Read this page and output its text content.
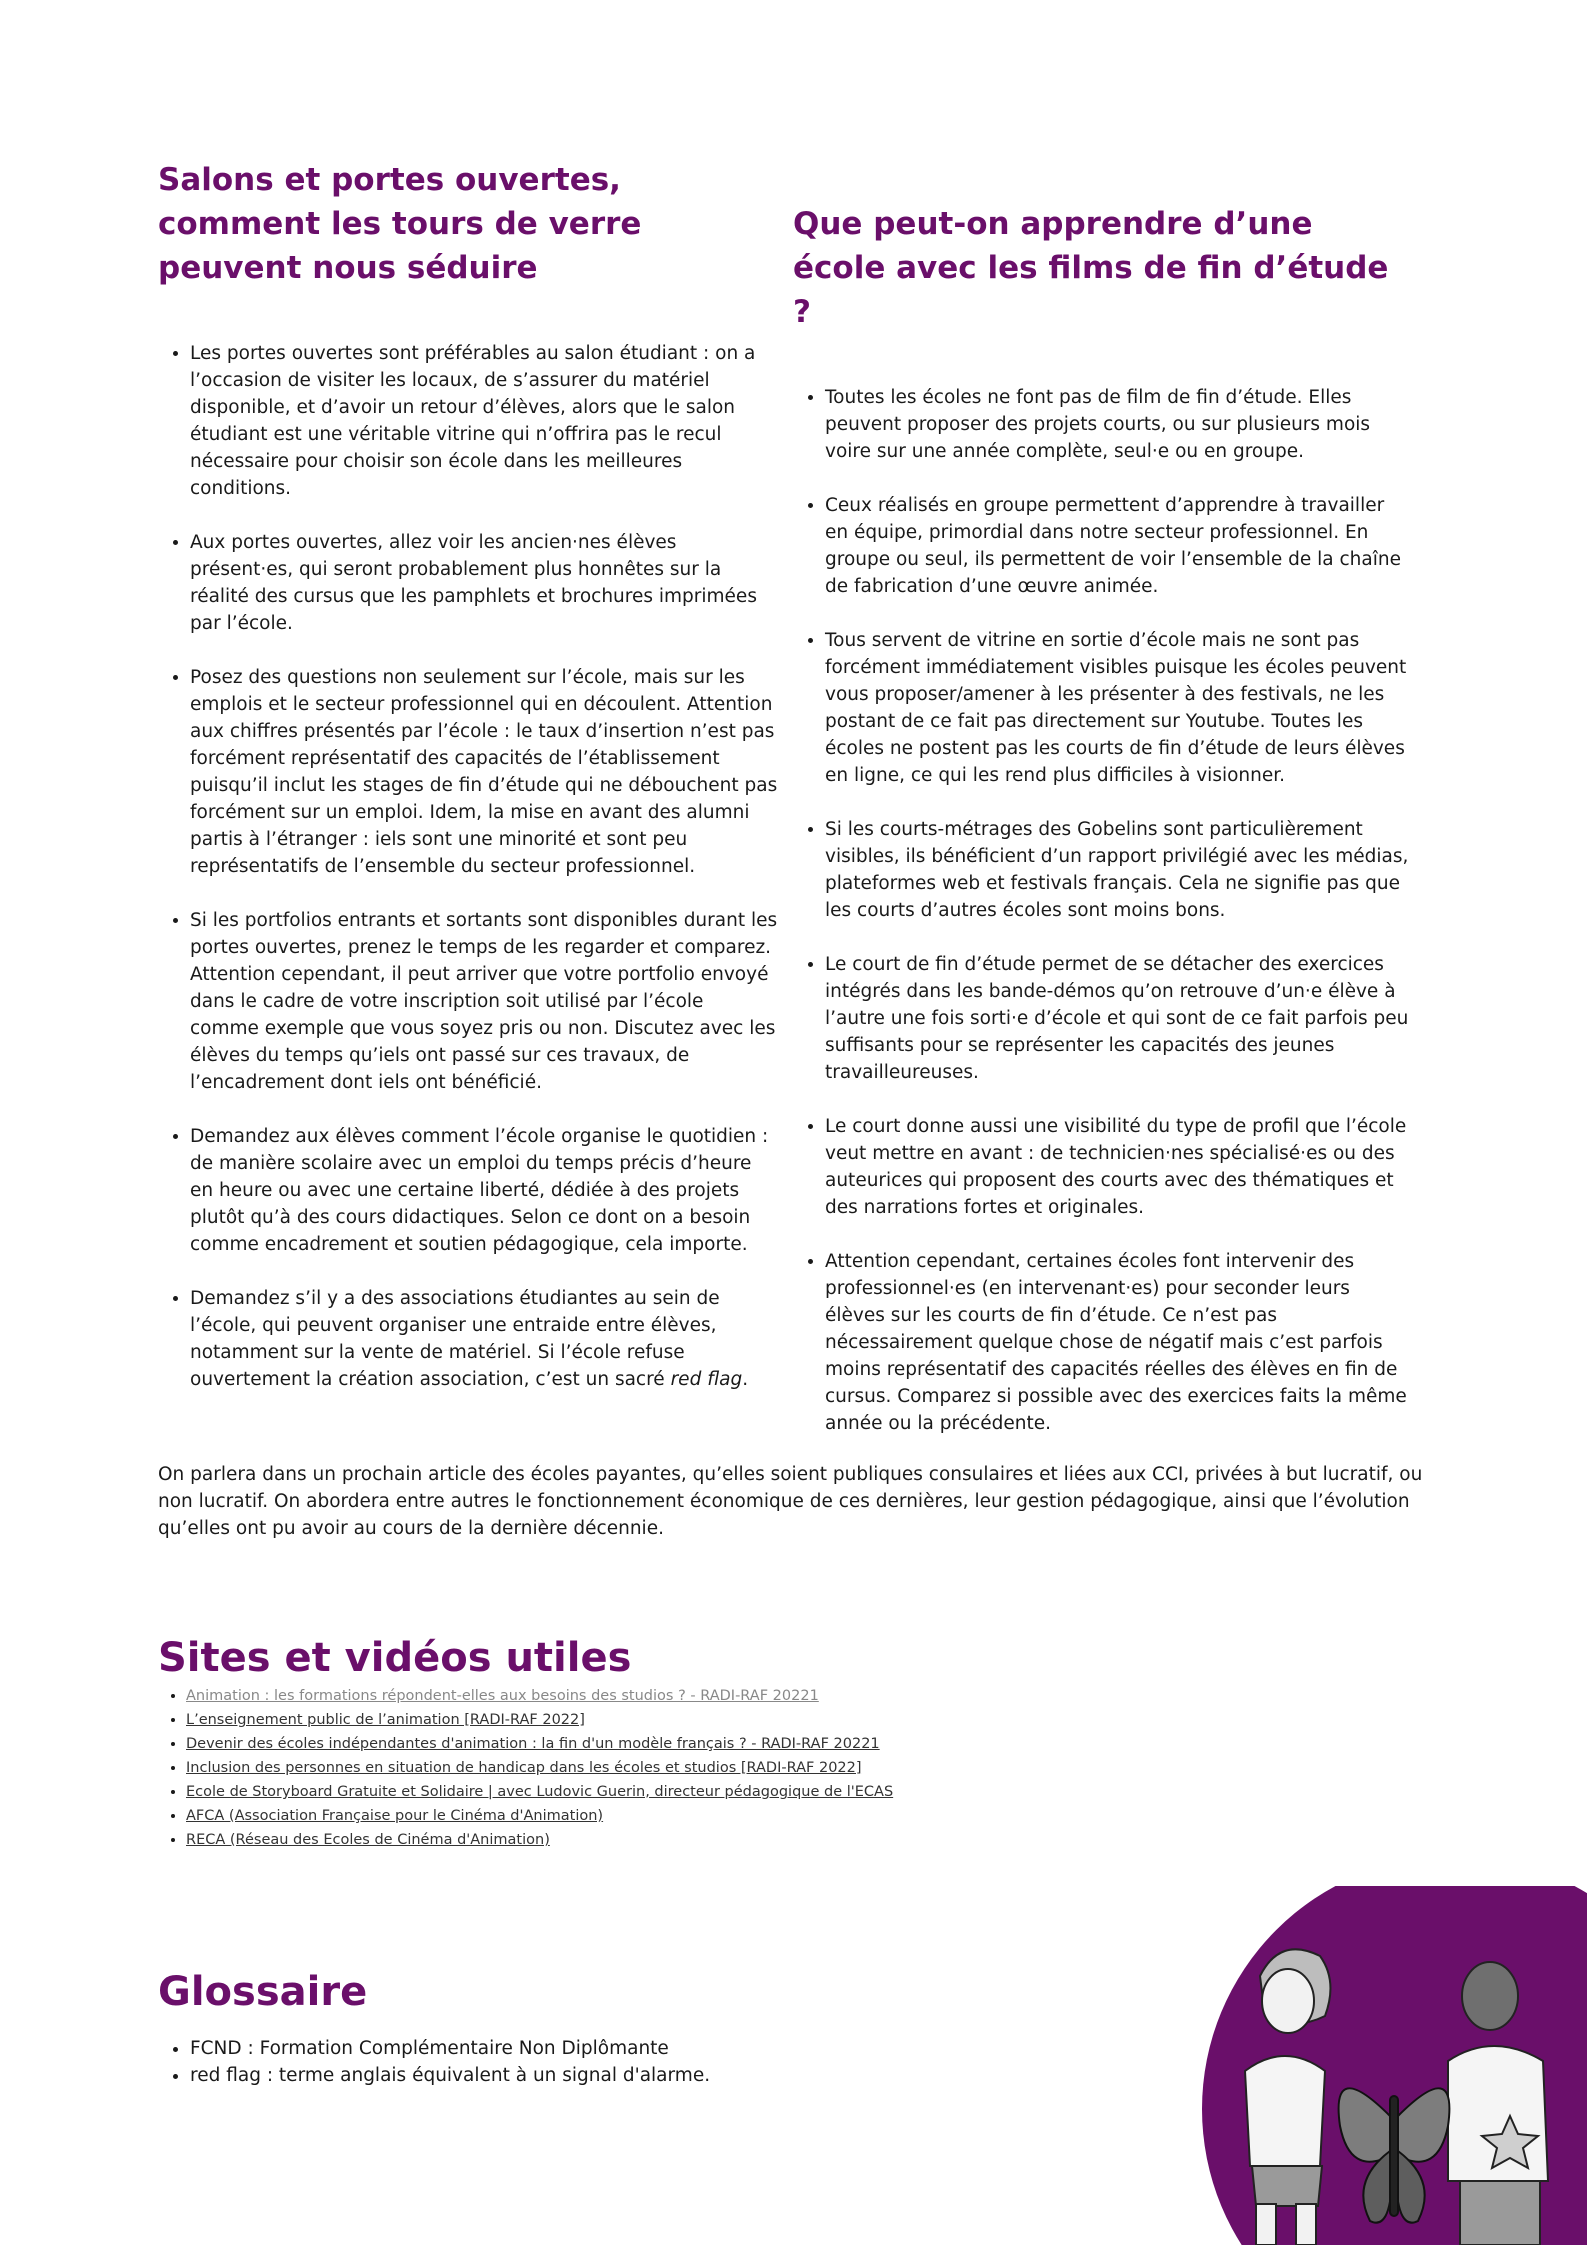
Salons et portes ouvertes, comment les tours de verre peuvent nous séduire
• Les portes ouvertes sont préférables au salon étudiant : on a l’occasion de visiter les locaux, de s’assurer du matériel disponible, et d’avoir un retour d’élèves, alors que le salon étudiant est une véritable vitrine qui n’offrira pas le recul nécessaire pour choisir son école dans les meilleures conditions.
• Aux portes ouvertes, allez voir les ancien·nes élèves présent·es, qui seront probablement plus honnêtes sur la réalité des cursus que les pamphlets et brochures imprimées par l’école.
• Posez des questions non seulement sur l’école, mais sur les emplois et le secteur professionnel qui en découlent. Attention aux chiffres présentés par l’école : le taux d’insertion n’est pas forcément représentatif des capacités de l’établissement puisqu’il inclut les stages de fin d’étude qui ne débouchent pas forcément sur un emploi. Idem, la mise en avant des alumni partis à l’étranger : iels sont une minorité et sont peu représentatifs de l’ensemble du secteur professionnel.
• Si les portfolios entrants et sortants sont disponibles durant les portes ouvertes, prenez le temps de les regarder et comparez. Attention cependant, il peut arriver que votre portfolio envoyé dans le cadre de votre inscription soit utilisé par l’école comme exemple que vous soyez pris ou non. Discutez avec les élèves du temps qu’iels ont passé sur ces travaux, de l’encadrement dont iels ont bénéficié.
• Demandez aux élèves comment l’école organise le quotidien : de manière scolaire avec un emploi du temps précis d’heure en heure ou avec une certaine liberté, dédiée à des projets plutôt qu’à des cours didactiques. Selon ce dont on a besoin comme encadrement et soutien pédagogique, cela importe.
• Demandez s’il y a des associations étudiantes au sein de l’école, qui peuvent organiser une entraide entre élèves, notamment sur la vente de matériel. Si l’école refuse ouvertement la création association, c’est un sacré red flag.
Que peut-on apprendre d’une école avec les films de fin d’étude ?
• Toutes les écoles ne font pas de film de fin d’étude. Elles peuvent proposer des projets courts, ou sur plusieurs mois voire sur une année complète, seul·e ou en groupe.
• Ceux réalisés en groupe permettent d’apprendre à travailler en équipe, primordial dans notre secteur professionnel. En groupe ou seul, ils permettent de voir l’ensemble de la chaîne de fabrication d’une œuvre animée.
• Tous servent de vitrine en sortie d’école mais ne sont pas forcément immédiatement visibles puisque les écoles peuvent vous proposer/amener à les présenter à des festivals, ne les postant de ce fait pas directement sur Youtube. Toutes les écoles ne postent pas les courts de fin d’étude de leurs élèves en ligne, ce qui les rend plus difficiles à visionner.
• Si les courts-métrages des Gobelins sont particulièrement visibles, ils bénéficient d’un rapport privilégié avec les médias, plateformes web et festivals français. Cela ne signifie pas que les courts d’autres écoles sont moins bons.
• Le court de fin d’étude permet de se détacher des exercices intégrés dans les bande-démos qu’on retrouve d’un·e élève à l’autre une fois sorti·e d’école et qui sont de ce fait parfois peu suffisants pour se représenter les capacités des jeunes travailleureuses.
• Le court donne aussi une visibilité du type de profil que l’école veut mettre en avant : de technicien·nes spécialisé·es ou des auteurices qui proposent des courts avec des thématiques et des narrations fortes et originales.
• Attention cependant, certaines écoles font intervenir des professionnel·es (en intervenant·es) pour seconder leurs élèves sur les courts de fin d’étude. Ce n’est pas nécessairement quelque chose de négatif mais c’est parfois moins représentatif des capacités réelles des élèves en fin de cursus. Comparez si possible avec des exercices faits la même année ou la précédente.

On parlera dans un prochain article des écoles payantes, qu’elles soient publiques consulaires et liées aux CCI, privées à but lucratif, ou non lucratif. On abordera entre autres le fonctionnement économique de ces dernières, leur gestion pédagogique, ainsi que l’évolution qu’elles ont pu avoir au cours de la dernière décennie.

Sites et vidéos utiles
• Animation : les formations répondent-elles aux besoins des studios ? - RADI-RAF 20221
• L’enseignement public de l’animation [RADI-RAF 2022]
• Devenir des écoles indépendantes d'animation : la fin d'un modèle français ? - RADI-RAF 20221
• Inclusion des personnes en situation de handicap dans les écoles et studios [RADI-RAF 2022]
• Ecole de Storyboard Gratuite et Solidaire | avec Ludovic Guerin, directeur pédagogique de l'ECAS
• AFCA (Association Française pour le Cinéma d'Animation)
• RECA (Réseau des Ecoles de Cinéma d'Animation)
Glossaire
• FCND : Formation Complémentaire Non Diplômante
• red flag : terme anglais équivalent à un signal d'alarme.
